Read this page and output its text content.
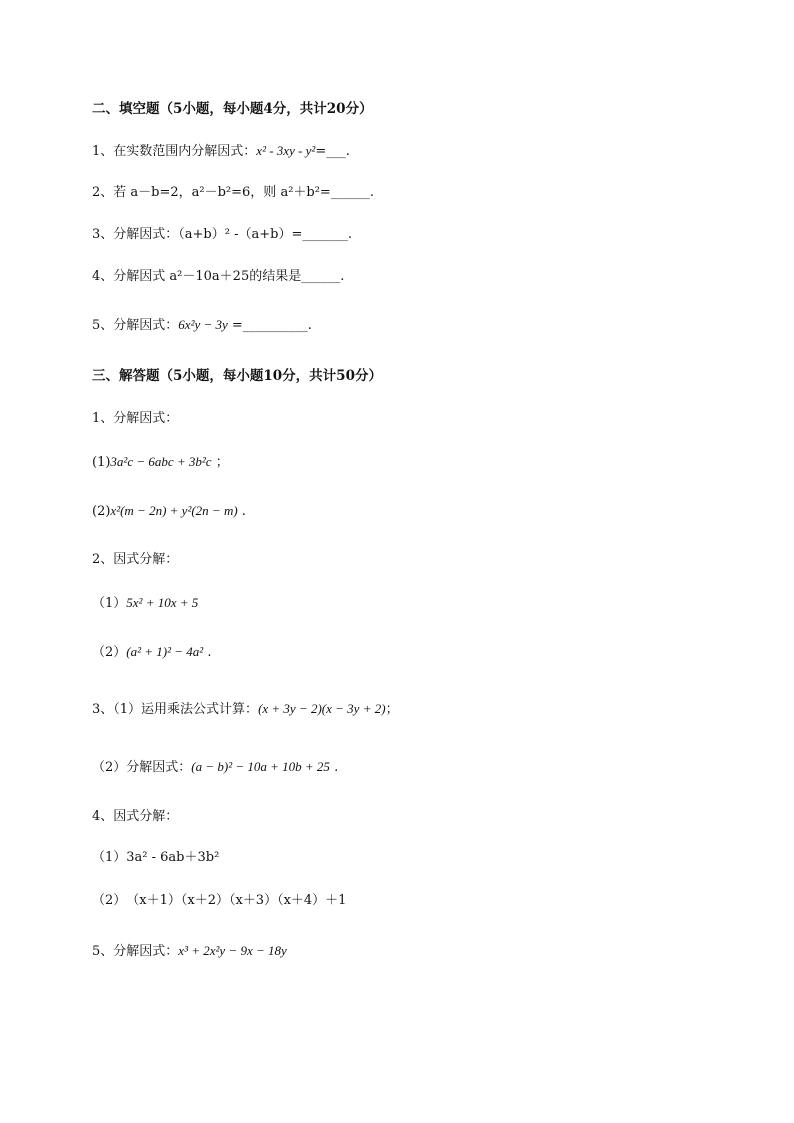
二、填空题（5小题，每小题4分，共计20分）
1、在实数范围内分解因式：x² - 3xy - y²=___.
2、若 a－b=2，a²－b²=6，则 a²＋b²=______.
3、分解因式：（a+b）² -（a+b）=_______.
4、分解因式 a²－10a＋25的结果是______.
5、分解因式：6x²y − 3y =__________.
三、解答题（5小题，每小题10分，共计50分）
1、分解因式：
(1)3a²c − 6abc + 3b²c ；
(2)x²(m − 2n) + y²(2n − m) .
2、因式分解：
（1）5x² + 10x + 5
（2）(a² + 1)² − 4a² .
3、（1）运用乘法公式计算：(x + 3y − 2)(x − 3y + 2)；
（2）分解因式：(a − b)² − 10a + 10b + 25 .
4、因式分解：
（1）3a² - 6ab＋3b²
（2）　（x＋1）（x＋2）（x＋3）（x＋4）＋1
5、分解因式：x³ + 2x²y − 9x − 18y
